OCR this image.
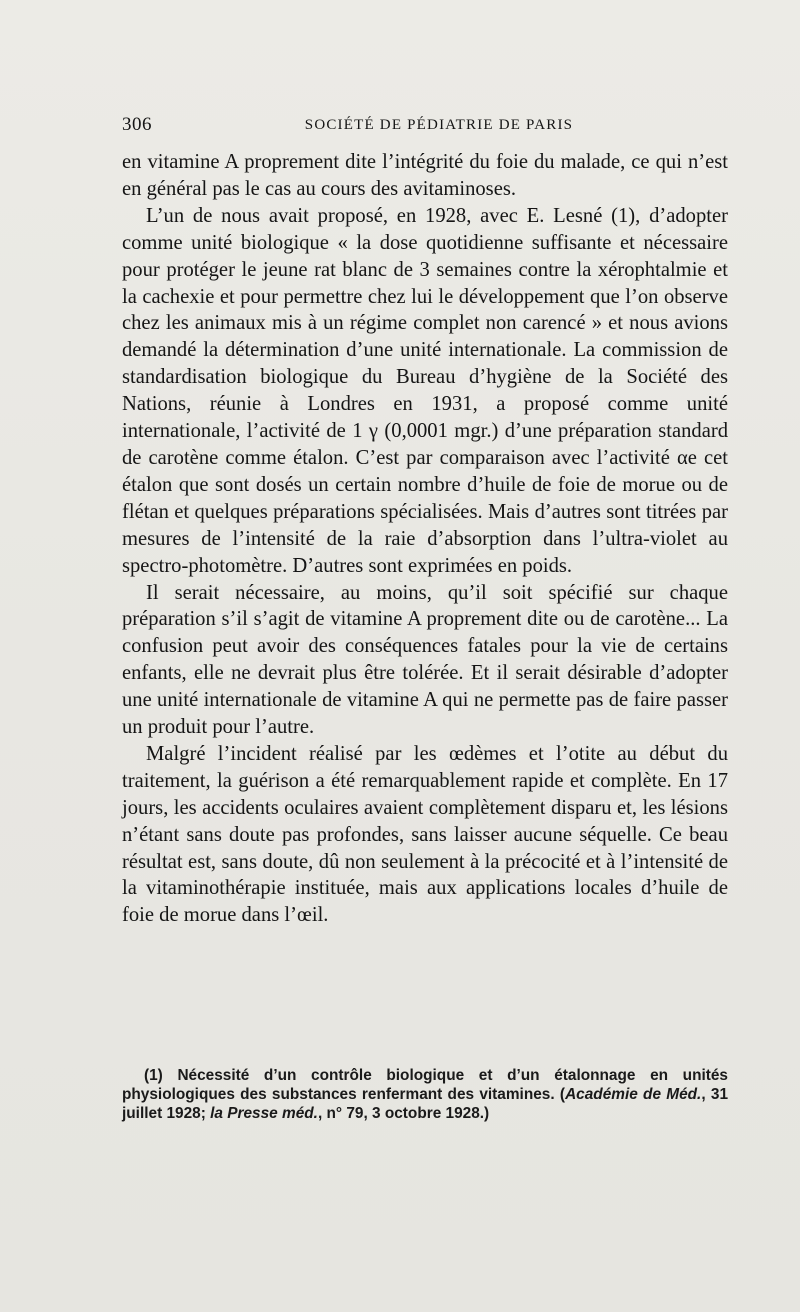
306	SOCIÉTÉ DE PÉDIATRIE DE PARIS

en vitamine A proprement dite l’intégrité du foie du malade, ce qui n’est en général pas le cas au cours des avitaminoses.

L’un de nous avait proposé, en 1928, avec E. Lesné (1), d’adopter comme unité biologique « la dose quotidienne suffisante et nécessaire pour protéger le jeune rat blanc de 3 semaines contre la xérophtalmie et la cachexie et pour permettre chez lui le développement que l’on observe chez les animaux mis à un régime complet non carencé » et nous avions demandé la détermination d’une unité internationale. La commission de standardisation biologique du Bureau d’hygiène de la Société des Nations, réunie à Londres en 1931, a proposé comme unité internationale, l’activité de 1 γ (0,0001 mgr.) d’une préparation standard de carotène comme étalon. C’est par comparaison avec l’activité αe cet étalon que sont dosés un certain nombre d’huile de foie de morue ou de flétan et quelques préparations spécialisées. Mais d’autres sont titrées par mesures de l’intensité de la raie d’absorption dans l’ultra-violet au spectro-photomètre. D’autres sont exprimées en poids.

Il serait nécessaire, au moins, qu’il soit spécifié sur chaque préparation s’il s’agit de vitamine A proprement dite ou de carotène... La confusion peut avoir des conséquences fatales pour la vie de certains enfants, elle ne devrait plus être tolérée. Et il serait désirable d’adopter une unité internationale de vitamine A qui ne permette pas de faire passer un produit pour l’autre.

Malgré l’incident réalisé par les œdèmes et l’otite au début du traitement, la guérison a été remarquablement rapide et complète. En 17 jours, les accidents oculaires avaient complètement disparu et, les lésions n’étant sans doute pas profondes, sans laisser aucune séquelle. Ce beau résultat est, sans doute, dû non seulement à la précocité et à l’intensité de la vitaminothérapie instituée, mais aux applications locales d’huile de foie de morue dans l’œil.

(1) Nécessité d’un contrôle biologique et d’un étalonnage en unités physiologiques des substances renfermant des vitamines. (Académie de Méd., 31 juillet 1928; la Presse méd., n° 79, 3 octobre 1928.)
